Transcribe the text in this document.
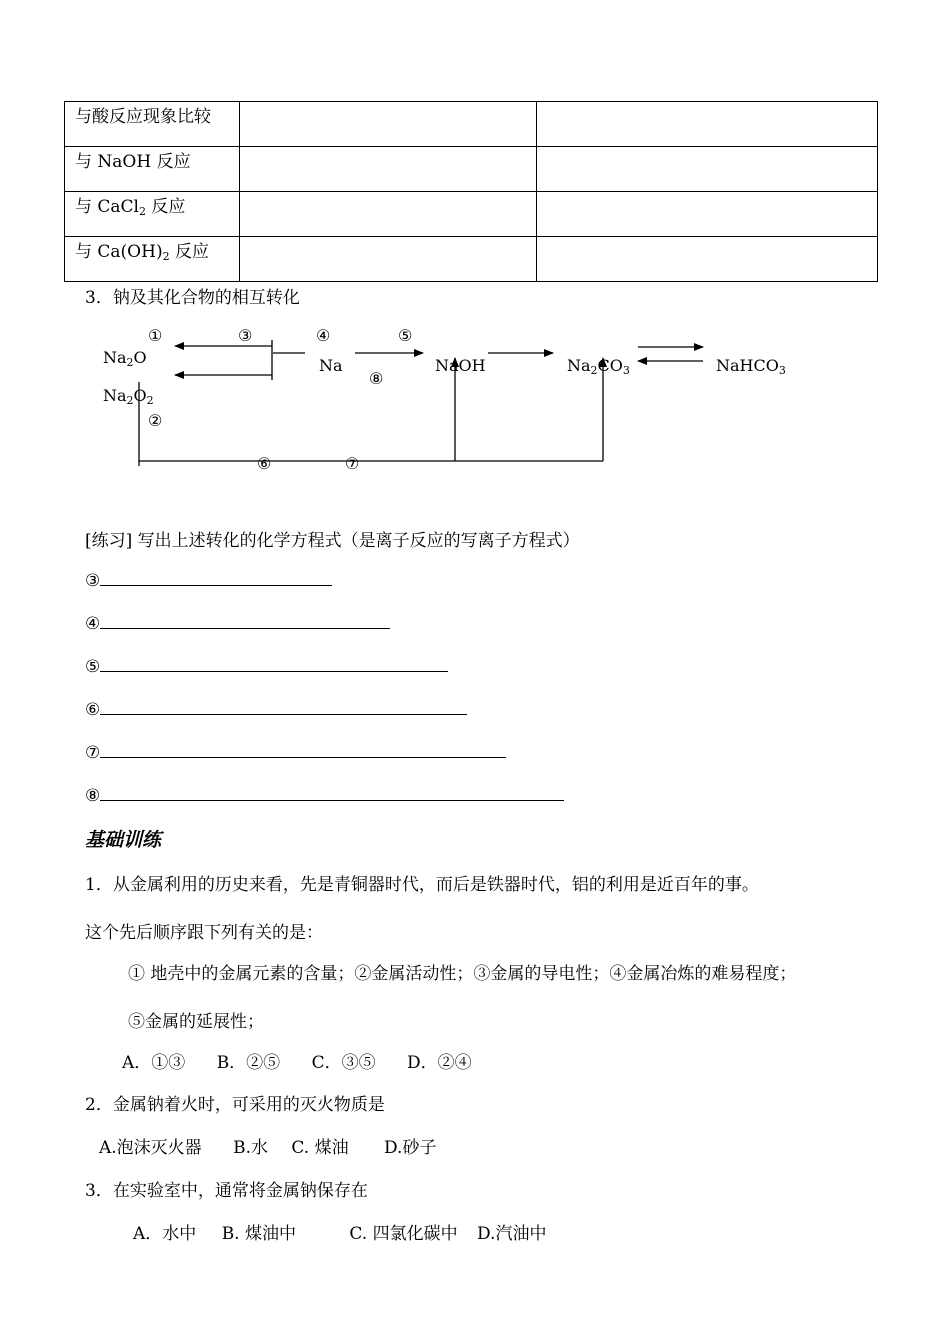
与酸反应现象比较		
与 NaOH 反应		
与 CaCl$_2$ 反应		
与 $Ca(OH)_2$ 反应		
3．钠及其化合物的相互转化
$Na_2O$
$Na_2O_2$
Na	NaOH	$Na_2CO_3$	NaHCO$_3$
①
②
③	④	⑤
⑥	⑦
⑧
[练习] 写出上述转化的化学方程式（是离子反应的写离子方程式）
③
④
⑤
⑥
⑦
⑧
基础训练
1．从金属利用的历史来看，先是青铜器时代，而后是铁器时代，铝的利用是近百年的事。
这个先后顺序跟下列有关的是：
① 地壳中的金属元素的含量；②金属活动性；③金属的导电性；④金属冶炼的难易程度；
⑤金属的延展性；
A．①③ B．②⑤ C．③⑤ D．②④
2．金属钠着火时，可采用的灭火物质是
A.泡沫灭火器 B.水 C. 煤油 D.砂子
3．在实验室中，通常将金属钠保存在
A．水中 B. 煤油中	C. 四氯化碳中 D.汽油中
